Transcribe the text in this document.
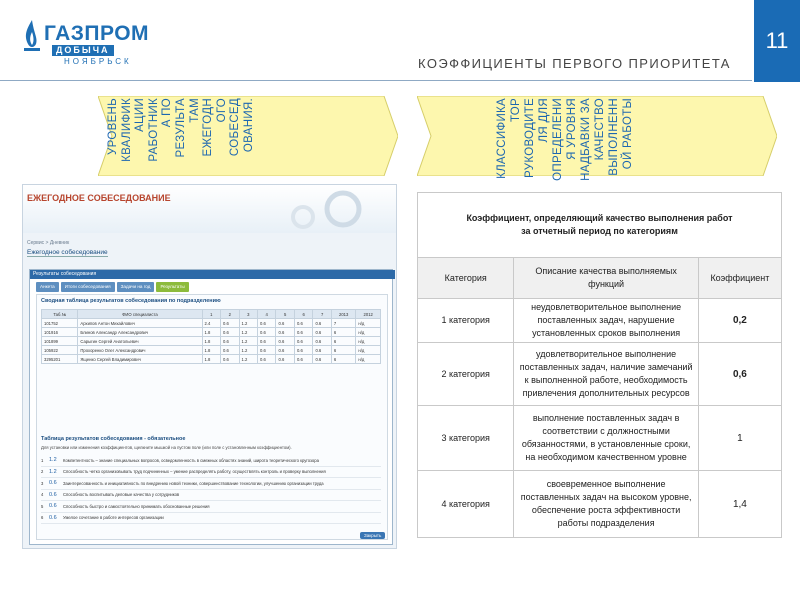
ГАЗПРОМ
ДОБЫЧА
НОЯБРЬСК	КОЭФФИЦИЕНТЫ ПЕРВОГО ПРИОРИТЕТА
11
УРОВЕНЬ КВАЛИФИК АЦИИ РАБОТНИК А ПО РЕЗУЛЬТА ТАМ ЕЖЕГОДН ОГО СОБЕСЕД ОВАНИЯ.	КЛАССИФИКА ТОР РУКОВОДИТЕ ЛЯ ДЛЯ ОПРЕДЕЛЕНИ Я УРОВНЯ НАДБАВКИ ЗА КАЧЕСТВО ВЫПОЛНЕНН ОЙ РАБОТЫ
ЕЖЕГОДНОЕ СОБЕСЕДОВАНИЕ
Сервис > Дневник
Ежегодное собеседование
Результаты собеседования
Анкета	Итоги собеседования	Задачи на год	Результаты
Сводная таблица результатов собеседования по подразделению
Таб.№	ФИО специалиста	1	2	3	4	5	6	7	2013	2012
101752	Архипов Антон Михайлович	2.4	0.6	1.2	0.6	0.6	0.6	0.6	7	н/д
101916	Блинов Александр Александрович	1.8	0.6	1.2	0.6	0.6	0.6	0.6	6	н/д
101899	Сарыгин Сергей Анатольевич	1.8	0.6	1.2	0.6	0.6	0.6	0.6	6	н/д
105922	Прохоренко Олег Александрович	1.8	0.6	1.2	0.6	0.6	0.6	0.6	6	н/д
3295201	Ященко Сергей Владимирович	1.8	0.6	1.2	0.6	0.6	0.6	0.6	6	н/д
Таблица результатов собеседования - обязательное
Для установки или изменения коэффициентов, щелкните мышкой на пустом поле (или поле с установленным коэффициентом).
1	1.2	Компетентность – знание специальных вопросов, осведомленность в смежных областях знаний, широта теоретического кругозора
2	1.2	Способность четко организовывать труд подчиненных – умение распределять работу, осуществлять контроль и проверку выполнения
3	0.6	Заинтересованность и инициативность по внедрению новой техники, совершенствование технологии, улучшению организации труда
4	0.6	Способность воспитывать деловые качества у сотрудников
5	0.6	Способность быстро и самостоятельно принимать обоснованные решения
6	0.6	Умелое сочетание в работе интересов организации
Закрыть
Коэффициент, определяющий качество выполнения работ
за отчетный период по категориям		
Категория	Описание качества выполняемых функций	Коэффициент
1 категория	неудовлетворительное выполнение поставленных задач, нарушение установленных сроков выполнения	0,2
2 категория	удовлетворительное выполнение поставленных задач, наличие замечаний к выполненной работе, необходимость привлечения дополнительных ресурсов	0,6
3 категория	выполнение поставленных задач в соответствии с должностными обязанностями, в установленные сроки, на необходимом качественном уровне	1
4 категория	своевременное выполнение поставленных задач на высоком уровне, обеспечение роста эффективности работы подразделения	1,4
